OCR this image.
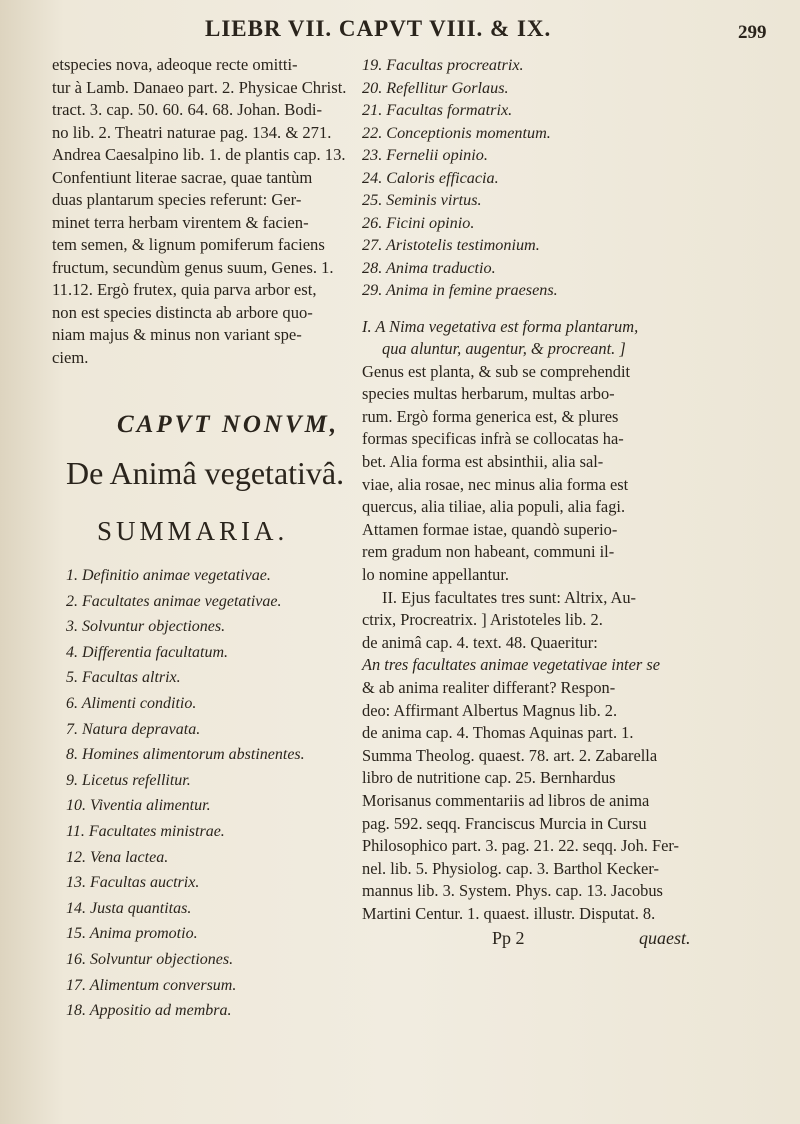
LIEBR VII. CAPVT VIII. & IX.	299
etspecies nova, adeoque recte omitti-
tur à Lamb. Danaeo part. 2. Physicae Christ.
tract. 3. cap. 50. 60. 64. 68. Johan. Bodi-
no lib. 2. Theatri naturae pag. 134. & 271.
Andrea Caesalpino lib. 1. de plantis cap. 13.
Confentiunt literae sacrae, quae tantùm
duas plantarum species referunt: Ger-
minet terra herbam virentem & facien-
tem semen, & lignum pomiferum faciens
fructum, secundùm genus suum, Genes. 1.
11.12. Ergò frutex, quia parva arbor est,
non est species distincta ab arbore quo-
niam majus & minus non variant spe-
ciem.
CAPVT NONVM,
De Animâ vegetativâ.
SUMMARIA.
1. Definitio animae vegetativae.
2. Facultates animae vegetativae.
3. Solvuntur objectiones.
4. Differentia facultatum.
5. Facultas altrix.
6. Alimenti conditio.
7. Natura depravata.
8. Homines alimentorum abstinentes.
9. Licetus refellitur.
10. Viventia alimentur.
11. Facultates ministrae.
12. Vena lactea.
13. Facultas auctrix.
14. Justa quantitas.
15. Anima promotio.
16. Solvuntur objectiones.
17. Alimentum conversum.
18. Appositio ad membra.
19. Facultas procreatrix.
20. Refellitur Gorlaus.
21. Facultas formatrix.
22. Conceptionis momentum.
23. Fernelii opinio.
24. Caloris efficacia.
25. Seminis virtus.
26. Ficini opinio.
27. Aristotelis testimonium.
28. Anima traductio.
29. Anima in femine praesens.
I. A Nima vegetativa est forma plantarum,
qua aluntur, augentur, & procreant. ]
Genus est planta, & sub se comprehendit
species multas herbarum, multas arbo-
rum. Ergò forma generica est, & plures
formas specificas infrà se collocatas ha-
bet. Alia forma est absinthii, alia sal-
viae, alia rosae, nec minus alia forma est
quercus, alia tiliae, alia populi, alia fagi.
Attamen formae istae, quandò superio-
rem gradum non habeant, communi il-
lo nomine appellantur.
II. Ejus facultates tres sunt: Altrix, Au-
ctrix, Procreatrix. ] Aristoteles lib. 2.
de animâ cap. 4. text. 48. Quaeritur:
An tres facultates animae vegetativae inter se
& ab anima realiter differant? Respon-
deo: Affirmant Albertus Magnus lib. 2.
de anima cap. 4. Thomas Aquinas part. 1.
Summa Theolog. quaest. 78. art. 2. Zabarella
libro de nutritione cap. 25. Bernhardus
Morisanus commentariis ad libros de anima
pag. 592. seqq. Franciscus Murcia in Cursu
Philosophico part. 3. pag. 21. 22. seqq. Joh. Fer-
nel. lib. 5. Physiolog. cap. 3. Barthol Kecker-
mannus lib. 3. System. Phys. cap. 13. Jacobus
Martini Centur. 1. quaest. illustr. Disputat. 8.
Pp 2	quaest.
